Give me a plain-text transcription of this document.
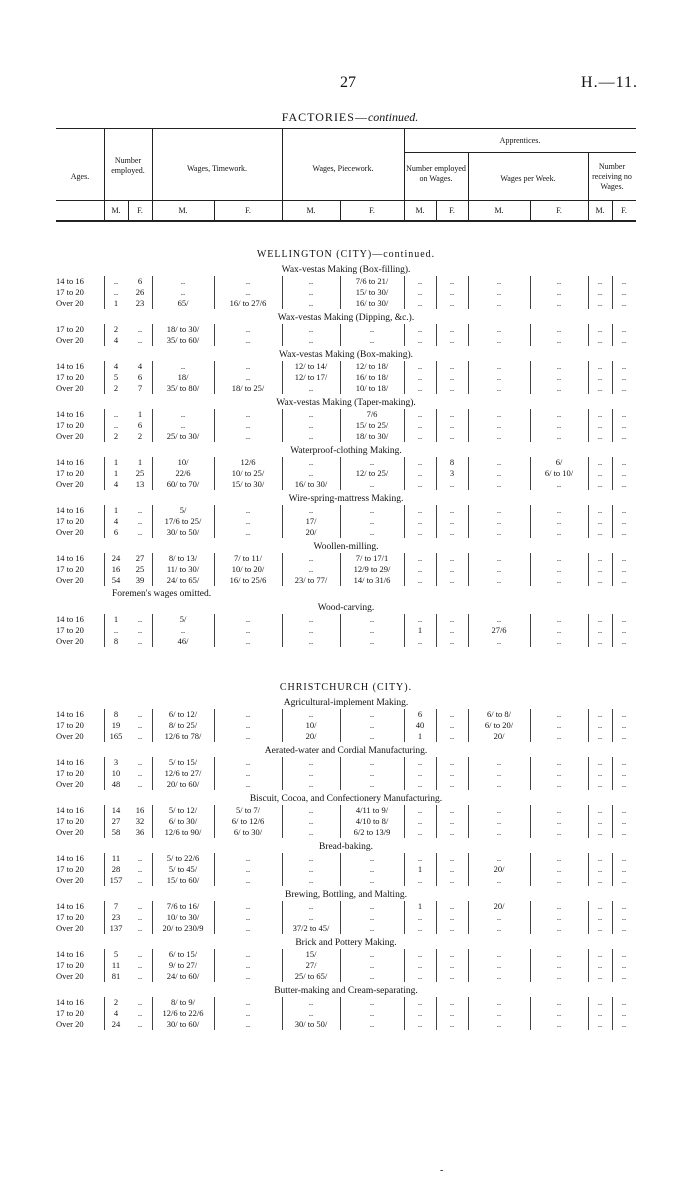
27	H.—11.
FACTORIES—continued.
Ages.
Number employed.	Wages, Timework.	Wages, Piecework.
Apprentices.
Number employed on Wages.	Wages per Week.
Number receiving no Wages.
M.	F.	M.	F.	M.	F.	M.	F.	M.	F.	M.	F.
WELLINGTON (CITY)—continued.
Wax-vestas Making (Box-filling).
14 to 16	..	6	..	..	..	7/6 to 21/	..	..	..	..	..	..
17 to 20	..	26	..	..	..	15/ to 30/	..	..	..	..	..	..
Over 20	1	23	65/	16/ to 27/6	..	16/ to 30/	..	..	..	..	..	..
Wax-vestas Making (Dipping, &c.).
17 to 20	2	..	18/ to 30/	..	..	..	..	..	..	..	..	..
Over 20	4	..	35/ to 60/	..	..	..	..	..	..	..	..	..
Wax-vestas Making (Box-making).
14 to 16	4	4	..	..	12/ to 14/	12/ to 18/	..	..	..	..	..	..
17 to 20	5	6	18/	..	12/ to 17/	16/ to 18/	..	..	..	..	..	..
Over 20	2	7	35/ to 80/	18/ to 25/	..	10/ to 18/	..	..	..	..	..	..
Wax-vestas Making (Taper-making).
14 to 16	..	1	..	..	..	7/6	..	..	..	..	..	..
17 to 20	..	6	..	..	..	15/ to 25/	..	..	..	..	..	..
Over 20	2	2	25/ to 30/	..	..	18/ to 30/	..	..	..	..	..	..
Waterproof-clothing Making.
14 to 16	1	1	10/	12/6	..	..	..	8	..	6/	..	..
17 to 20	1	25	22/6	10/ to 25/	..	12/ to 25/	..	3	..	6/ to 10/	..	..
Over 20	4	13	60/ to 70/	15/ to 30/	16/ to 30/	..	..	..	..	..	..	..
Wire-spring-mattress Making.
14 to 16	1	..	5/	..	..	..	..	..	..	..	..	..
17 to 20	4	..	17/6 to 25/	..	17/	..	..	..	..	..	..	..
Over 20	6	..	30/ to 50/	..	20/	..	..	..	..	..	..	..
Woollen-milling.
14 to 16	24	27	8/ to 13/	7/ to 11/	..	7/ to 17/1	..	..	..	..	..	..
17 to 20	16	25	11/ to 30/	10/ to 20/	..	12/9 to 29/	..	..	..	..	..	..
Over 20	54	39	24/ to 65/	16/ to 25/6	23/ to 77/	14/ to 31/6	..	..	..	..	..	..
Foremen's wages omitted.
Wood-carving.
14 to 16	1	..	5/	..	..	..	..	..	..	..	..	..
17 to 20	..	..	..	..	..	..	1	..	27/6	..	..	..
Over 20	8	..	46/	..	..	..	..	..	..	..	..	..
CHRISTCHURCH (CITY).
Agricultural-implement Making.
14 to 16	8	..	6/ to 12/	..	..	..	6	..	6/ to 8/	..	..	..
17 to 20	19	..	8/ to 25/	..	10/	..	40	..	6/ to 20/	..	..	..
Over 20	165	..	12/6 to 78/	..	20/	..	1	..	20/	..	..	..
Aerated-water and Cordial Manufacturing.
14 to 16	3	..	5/ to 15/	..	..	..	..	..	..	..	..	..
17 to 20	10	..	12/6 to 27/	..	..	..	..	..	..	..	..	..
Over 20	48	..	20/ to 60/	..	..	..	..	..	..	..	..	..
Biscuit, Cocoa, and Confectionery Manufacturing.
14 to 16	14	16	5/ to 12/	5/ to 7/	..	4/11 to 9/	..	..	..	..	..	..
17 to 20	27	32	6/ to 30/	6/ to 12/6	..	4/10 to 8/	..	..	..	..	..	..
Over 20	58	36	12/6 to 90/	6/ to 30/	..	6/2 to 13/9	..	..	..	..	..	..
Bread-baking.
14 to 16	11	..	5/ to 22/6	..	..	..	..	..	..	..	..	..
17 to 20	28	..	5/ to 45/	..	..	..	1	..	20/	..	..	..
Over 20	157	..	15/ to 60/	..	..	..	..	..	..	..	..	..
Brewing, Bottling, and Malting.
14 to 16	7	..	7/6 to 16/	..	..	..	1	..	20/	..	..	..
17 to 20	23	..	10/ to 30/	..	..	..	..	..	..	..	..	..
Over 20	137	..	20/ to 230/9	..	37/2 to 45/	..	..	..	..	..	..	..
Brick and Pottery Making.
14 to 16	5	..	6/ to 15/	..	15/	..	..	..	..	..	..	..
17 to 20	11	..	9/ to 27/	..	27/	..	..	..	..	..	..	..
Over 20	81	..	24/ to 60/	..	25/ to 65/	..	..	..	..	..	..	..
Butter-making and Cream-separating.
14 to 16	2	..	8/ to 9/	..	..	..	..	..	..	..	..	..
17 to 20	4	..	12/6 to 22/6	..	..	..	..	..	..	..	..	..
Over 20	24	..	30/ to 60/	..	30/ to 50/	..	..	..	..	..	..	..
-
